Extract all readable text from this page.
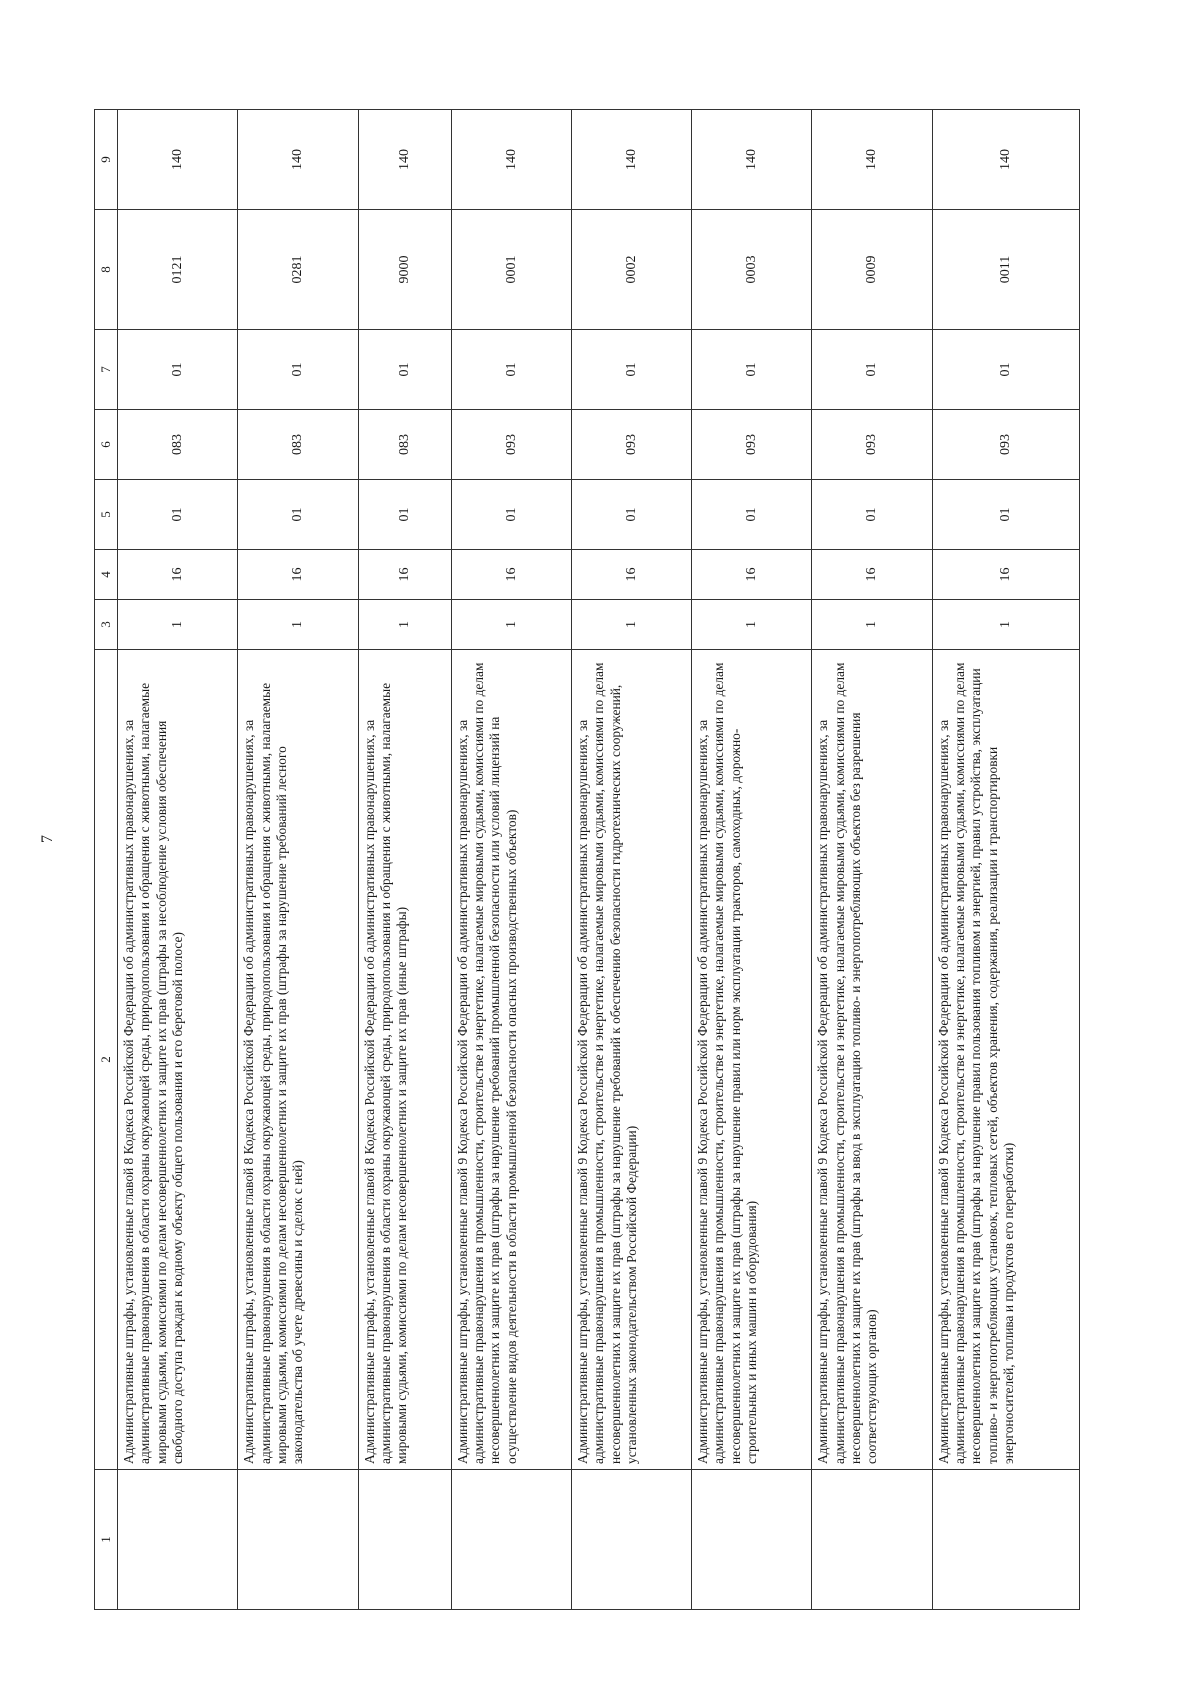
7
1	2	3	4	5	6	7	8	9
	Административные штрафы, установленные главой 8 Кодекса Российской Федерации об административных правонарушениях, за административные правонарушения в области охраны окружающей среды, природопользования и обращения с животными, налагаемые мировыми судьями, комиссиями по делам несовершеннолетних и защите их прав (штрафы за несоблюдение условия обеспечения свободного доступа граждан к водному объекту общего пользования и его береговой полосе)	1	16	01	083	01	0121	140
	Административные штрафы, установленные главой 8 Кодекса Российской Федерации об административных правонарушениях, за административные правонарушения в области охраны окружающей среды, природопользования и обращения с животными, налагаемые мировыми судьями, комиссиями по делам несовершеннолетних и защите их прав (штрафы за нарушение требований лесного законодательства об учете древесины и сделок с ней)	1	16	01	083	01	0281	140
	Административные штрафы, установленные главой 8 Кодекса Российской Федерации об административных правонарушениях, за административные правонарушения в области охраны окружающей среды, природопользования и обращения с животными, налагаемые мировыми судьями, комиссиями по делам несовершеннолетних и защите их прав (иные штрафы)	1	16	01	083	01	9000	140
	Административные штрафы, установленные главой 9 Кодекса Российской Федерации об административных правонарушениях, за административные правонарушения в промышленности, строительстве и энергетике, налагаемые мировыми судьями, комиссиями по делам несовершеннолетних и защите их прав (штрафы за нарушение требований промышленной безопасности или условий лицензий на осуществление видов деятельности в области промышленной безопасности опасных производственных объектов)	1	16	01	093	01	0001	140
	Административные штрафы, установленные главой 9 Кодекса Российской Федерации об административных правонарушениях, за административные правонарушения в промышленности, строительстве и энергетике, налагаемые мировыми судьями, комиссиями по делам несовершеннолетних и защите их прав (штрафы за нарушение требований к обеспечению безопасности гидротехнических сооружений, установленных законодательством Российской Федерации)	1	16	01	093	01	0002	140
	Административные штрафы, установленные главой 9 Кодекса Российской Федерации об административных правонарушениях, за административные правонарушения в промышленности, строительстве и энергетике, налагаемые мировыми судьями, комиссиями по делам несовершеннолетних и защите их прав (штрафы за нарушение правил или норм эксплуатации тракторов, самоходных, дорожно-строительных и иных машин и оборудования)	1	16	01	093	01	0003	140
	Административные штрафы, установленные главой 9 Кодекса Российской Федерации об административных правонарушениях, за административные правонарушения в промышленности, строительстве и энергетике, налагаемые мировыми судьями, комиссиями по делам несовершеннолетних и защите их прав (штрафы за ввод в эксплуатацию топливо- и энергопотребляющих объектов без разрешения соответствующих органов)	1	16	01	093	01	0009	140
	Административные штрафы, установленные главой 9 Кодекса Российской Федерации об административных правонарушениях, за административные правонарушения в промышленности, строительстве и энергетике, налагаемые мировыми судьями, комиссиями по делам несовершеннолетних и защите их прав (штрафы за нарушение правил пользования топливом и энергией, правил устройства, эксплуатации топливо- и энергопотребляющих установок, тепловых сетей, объектов хранения, содержания, реализации и транспортировки энергоносителей, топлива и продуктов его переработки)	1	16	01	093	01	0011	140
